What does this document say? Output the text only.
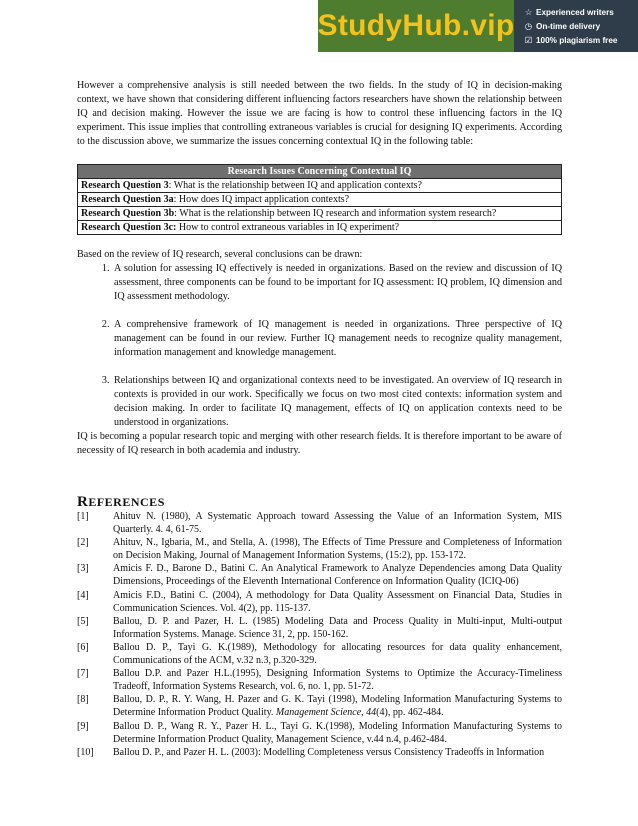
StudyHub.vip ☆ Experienced writers
◷ On-time delivery
☑ 100% plagiarism free

However a comprehensive analysis is still needed between the two fields. In the study of IQ in decision-making context, we have shown that considering different influencing factors researchers have shown the relationship between IQ and decision making. However the issue we are facing is how to control these influencing factors in the IQ experiment. This issue implies that controlling extraneous variables is crucial for designing IQ experiments. According to the discussion above, we summarize the issues concerning contextual IQ in the following table:

Research Issues Concerning Contextual IQ
Research Question 3: What is the relationship between IQ and application contexts?
Research Question 3a: How does IQ impact application contexts?
Research Question 3b: What is the relationship between IQ research and information system research?
Research Question 3c: How to control extraneous variables in IQ experiment?

Based on the review of IQ research, several conclusions can be drawn:

1. A solution for assessing IQ effectively is needed in organizations. Based on the review and discussion of IQ assessment, three components can be found to be important for IQ assessment: IQ problem, IQ dimension and IQ assessment methodology.
2. A comprehensive framework of IQ management is needed in organizations. Three perspective of IQ management can be found in our review. Further IQ management needs to recognize quality management, information management and knowledge management.
3. Relationships between IQ and organizational contexts need to be investigated. An overview of IQ research in contexts is provided in our work. Specifically we focus on two most cited contexts: information system and decision making. In order to facilitate IQ management, effects of IQ on application contexts need to be understood in organizations.

IQ is becoming a popular research topic and merging with other research fields. It is therefore important to be aware of necessity of IQ research in both academia and industry.

REFERENCES
[1]	Ahituv N. (1980), A Systematic Approach toward Assessing the Value of an Information System, MIS Quarterly. 4. 4, 61-75.
[2]	Ahituv, N., Igbaria, M., and Stella, A. (1998), The Effects of Time Pressure and Completeness of Information on Decision Making, Journal of Management Information Systems, (15:2), pp. 153-172.
[3]	Amicis F. D., Barone D., Batini C. An Analytical Framework to Analyze Dependencies among Data Quality Dimensions, Proceedings of the Eleventh International Conference on Information Quality (ICIQ-06)
[4]	Amicis F.D., Batini C. (2004), A methodology for Data Quality Assessment on Financial Data, Studies in Communication Sciences. Vol. 4(2), pp. 115-137.
[5]	Ballou, D. P. and Pazer, H. L. (1985) Modeling Data and Process Quality in Multi-input, Multi-output Information Systems. Manage. Science 31, 2, pp. 150-162.
[6]	Ballou D. P., Tayi G. K.(1989), Methodology for allocating resources for data quality enhancement, Communications of the ACM, v.32 n.3, p.320-329.
[7]	Ballou D.P. and Pazer H.L.(1995), Designing Information Systems to Optimize the Accuracy-Timeliness Tradeoff, Information Systems Research, vol. 6, no. 1, pp. 51-72.
[8]	Ballou, D. P., R. Y. Wang, H. Pazer and G. K. Tayi (1998), Modeling Information Manufacturing Systems to Determine Information Product Quality. Management Science, 44(4), pp. 462-484.
[9]	Ballou D. P., Wang R. Y., Pazer H. L., Tayi G. K.(1998), Modeling Information Manufacturing Systems to Determine Information Product Quality, Management Science, v.44 n.4, p.462-484.
[10]	Ballou D. P., and Pazer H. L. (2003): Modelling Completeness versus Consistency Tradeoffs in Information
